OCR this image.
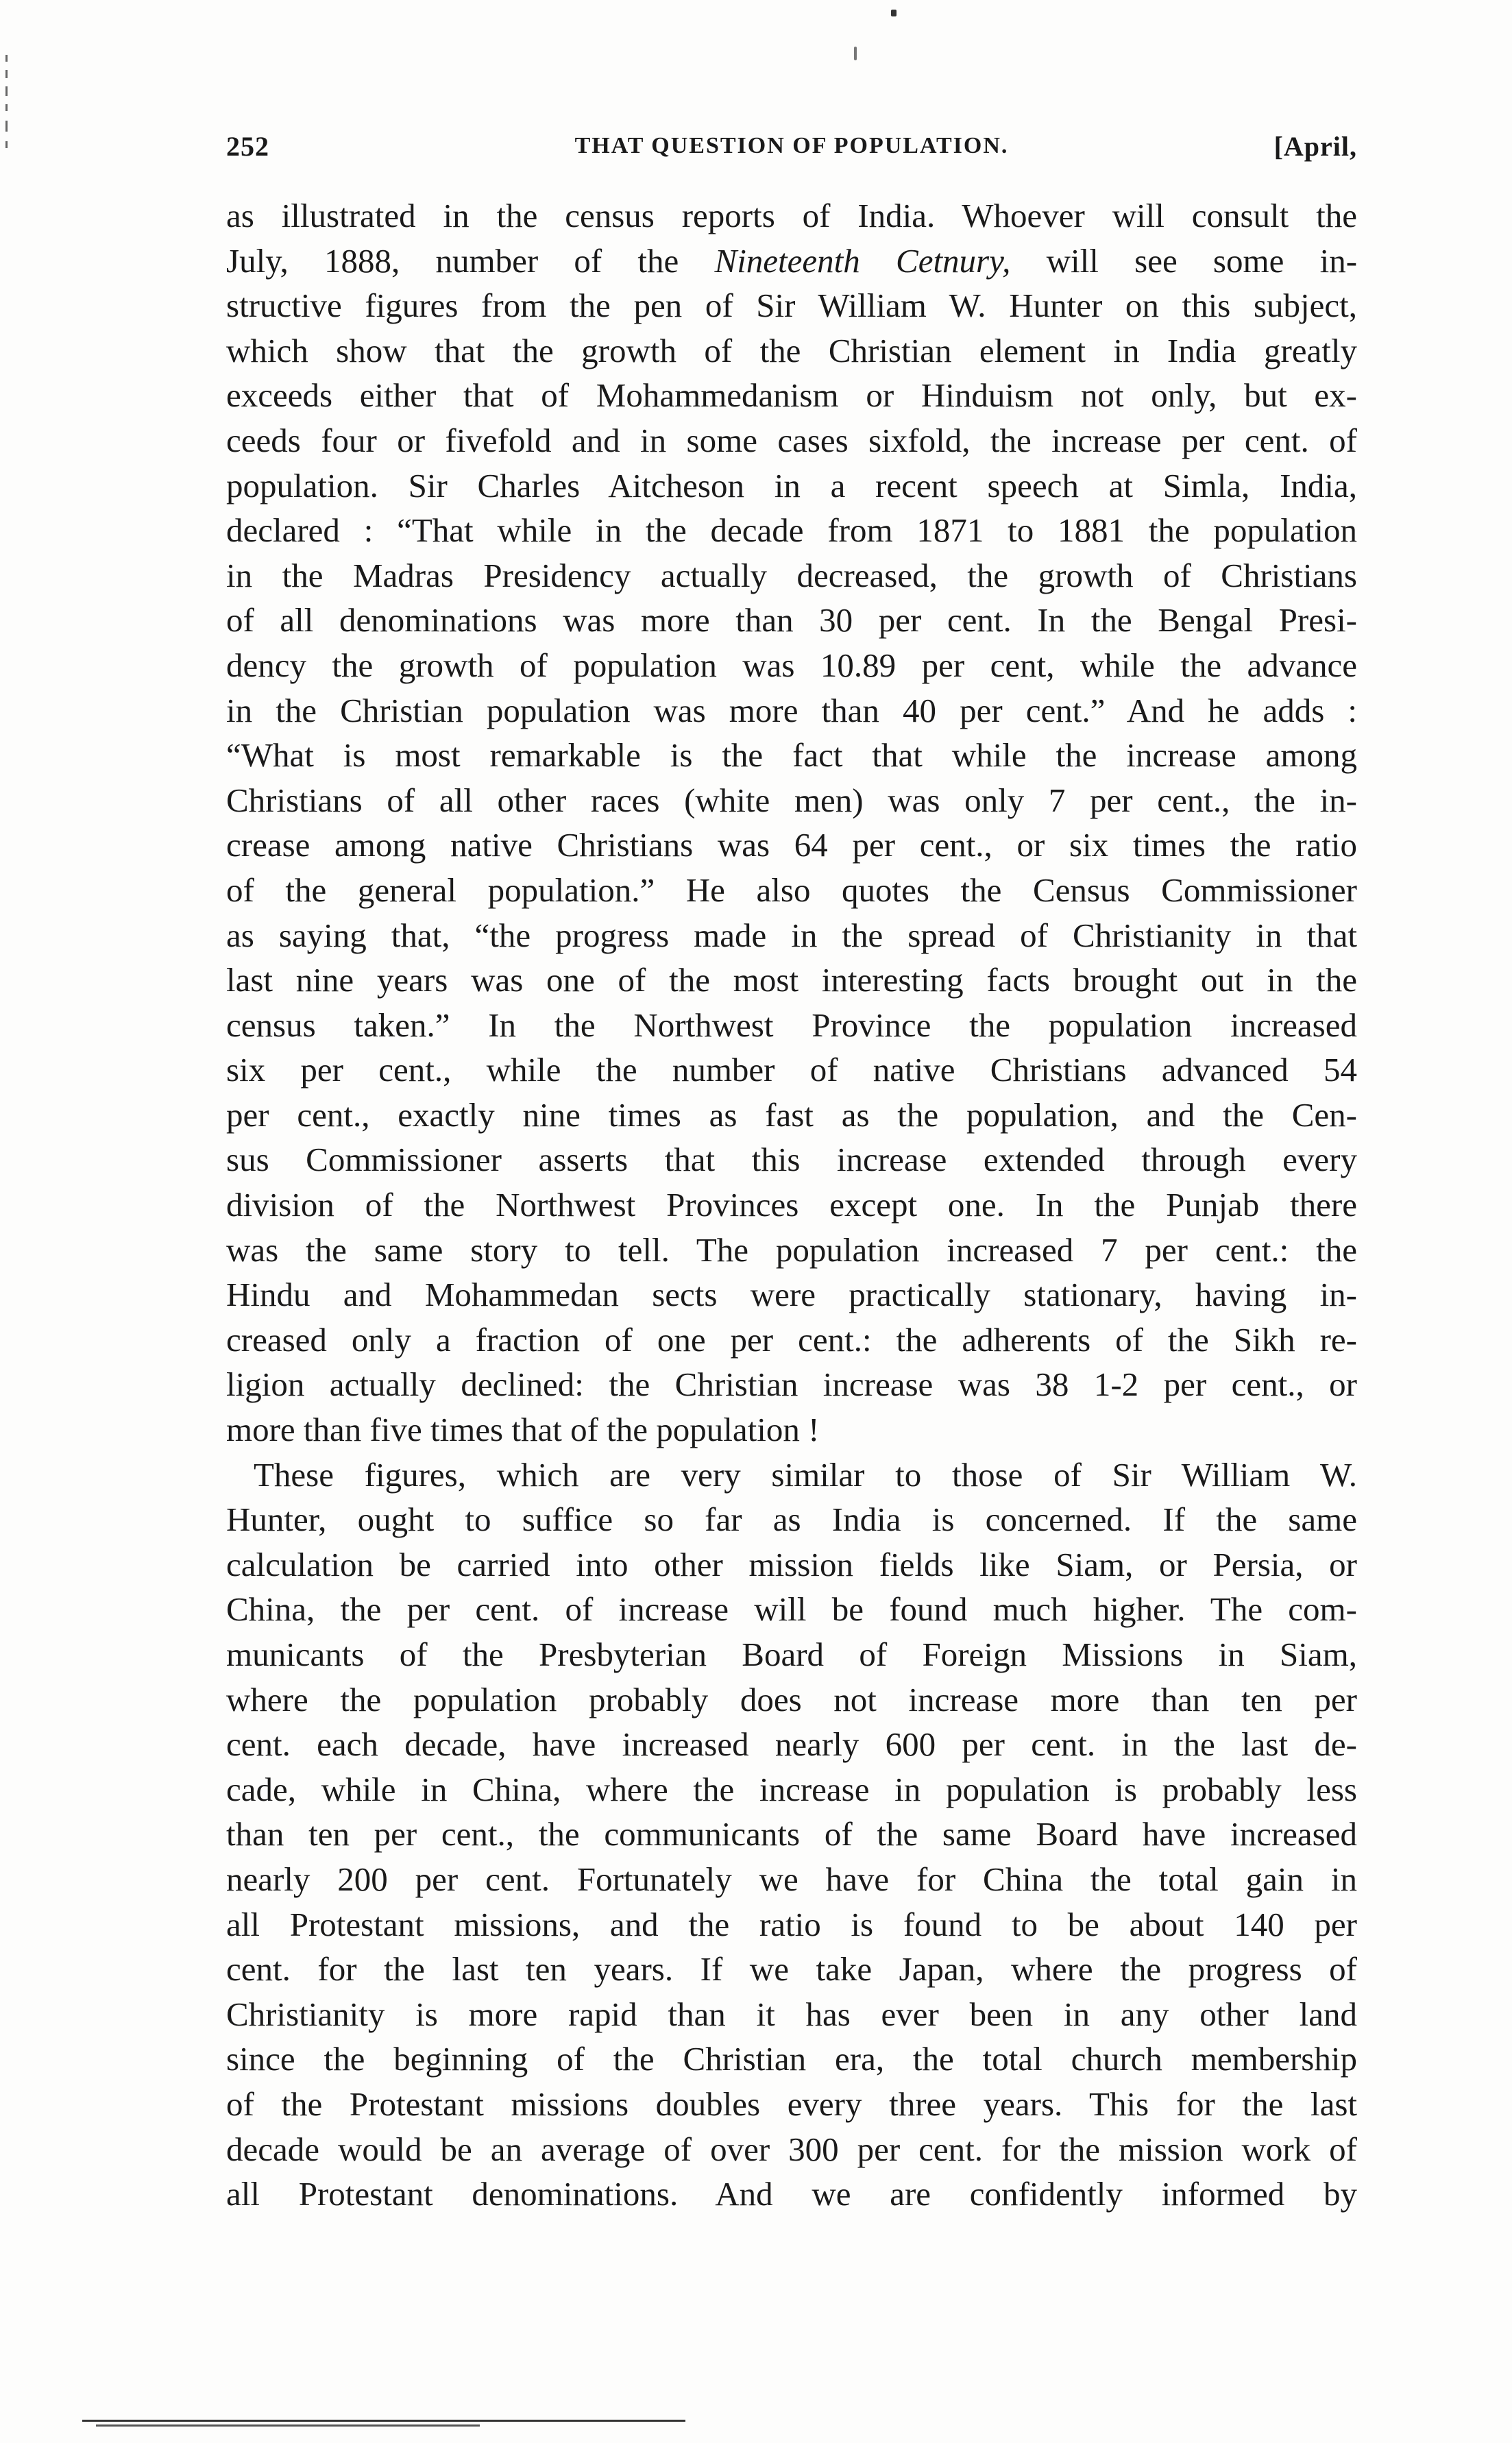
252	THAT QUESTION OF POPULATION.	[April,

as illustrated in the census reports of India. Whoever will consult the
July, 1888, number of the Nineteenth Cetnury, will see some in-
structive figures from the pen of Sir William W. Hunter on this subject,
which show that the growth of the Christian element in India greatly
exceeds either that of Mohammedanism or Hinduism not only, but ex-
ceeds four or fivefold and in some cases sixfold, the increase per cent. of
population. Sir Charles Aitcheson in a recent speech at Simla, India,
declared : “That while in the decade from 1871 to 1881 the population
in the Madras Presidency actually decreased, the growth of Christians
of all denominations was more than 30 per cent. In the Bengal Presi-
dency the growth of population was 10.89 per cent, while the advance
in the Christian population was more than 40 per cent.” And he adds :
“What is most remarkable is the fact that while the increase among
Christians of all other races (white men) was only 7 per cent., the in-
crease among native Christians was 64 per cent., or six times the ratio
of the general population.” He also quotes the Census Commissioner
as saying that, “the progress made in the spread of Christianity in that
last nine years was one of the most interesting facts brought out in the
census taken.” In the Northwest Province the population increased
six per cent., while the number of native Christians advanced 54
per cent., exactly nine times as fast as the population, and the Cen-
sus Commissioner asserts that this increase extended through every
division of the Northwest Provinces except one. In the Punjab there
was the same story to tell. The population increased 7 per cent.: the
Hindu and Mohammedan sects were practically stationary, having in-
creased only a fraction of one per cent.: the adherents of the Sikh re-
ligion actually declined: the Christian increase was 38 1-2 per cent., or
more than five times that of the population !

These figures, which are very similar to those of Sir William W.
Hunter, ought to suffice so far as India is concerned. If the same
calculation be carried into other mission fields like Siam, or Persia, or
China, the per cent. of increase will be found much higher. The com-
municants of the Presbyterian Board of Foreign Missions in Siam,
where the population probably does not increase more than ten per
cent. each decade, have increased nearly 600 per cent. in the last de-
cade, while in China, where the increase in population is probably less
than ten per cent., the communicants of the same Board have increased
nearly 200 per cent. Fortunately we have for China the total gain in
all Protestant missions, and the ratio is found to be about 140 per
cent. for the last ten years. If we take Japan, where the progress of
Christianity is more rapid than it has ever been in any other land
since the beginning of the Christian era, the total church membership
of the Protestant missions doubles every three years. This for the last
decade would be an average of over 300 per cent. for the mission work of
all Protestant denominations. And we are confidently informed by
